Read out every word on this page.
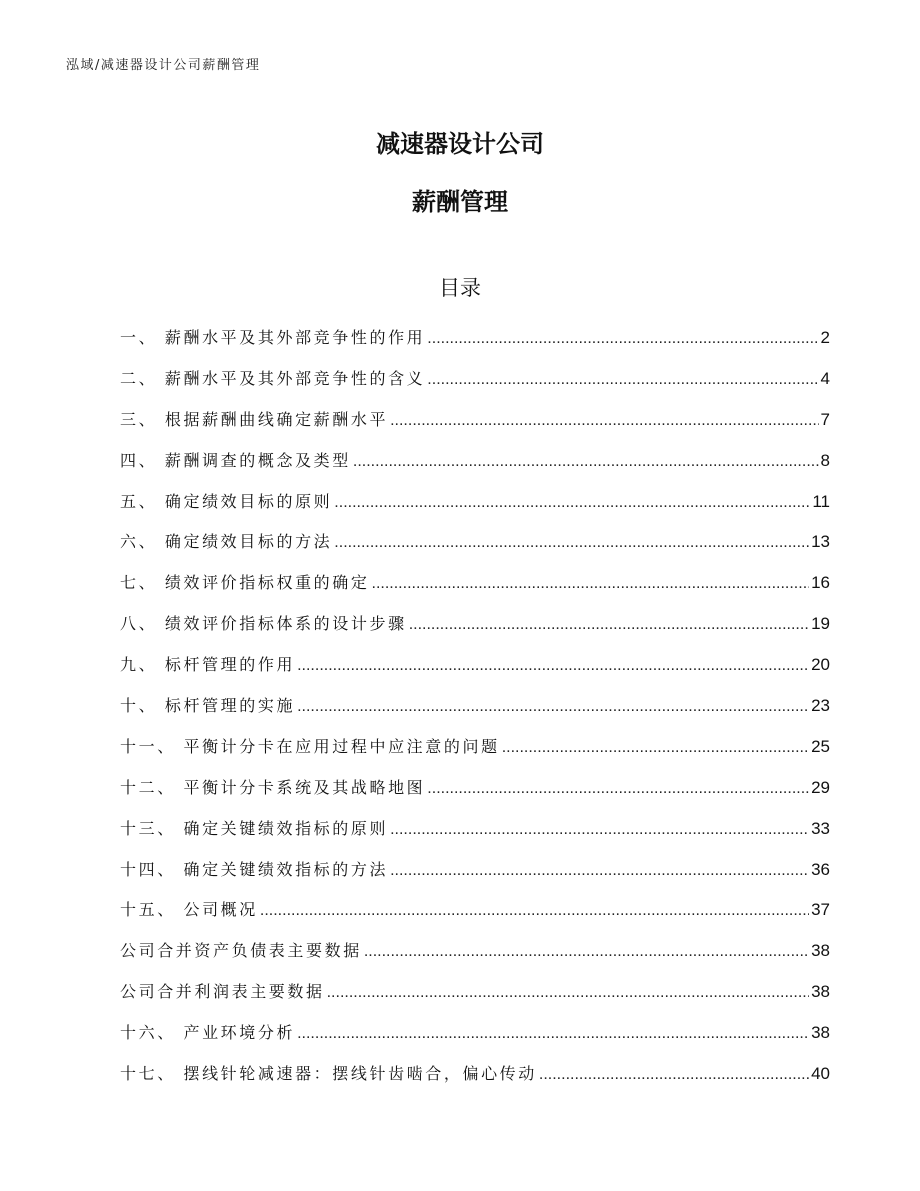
泓域/减速器设计公司薪酬管理
减速器设计公司
薪酬管理
目录
一、 薪酬水平及其外部竞争性的作用 .....	2
二、 薪酬水平及其外部竞争性的含义 .....	4
三、 根据薪酬曲线确定薪酬水平 .....	7
四、 薪酬调查的概念及类型 .....	8
五、 确定绩效目标的原则 .....	11
六、 确定绩效目标的方法 .....	13
七、 绩效评价指标权重的确定 .....	16
八、 绩效评价指标体系的设计步骤 .....	19
九、 标杆管理的作用 .....	20
十、 标杆管理的实施 .....	23
十一、 平衡计分卡在应用过程中应注意的问题 .....	25
十二、 平衡计分卡系统及其战略地图 .....	29
十三、 确定关键绩效指标的原则 .....	33
十四、 确定关键绩效指标的方法 .....	36
十五、 公司概况 .....	37
公司合并资产负债表主要数据 .....	38
公司合并利润表主要数据 .....	38
十六、 产业环境分析 .....	38
十七、 摆线针轮减速器：摆线针齿啮合，偏心传动 .....	40
